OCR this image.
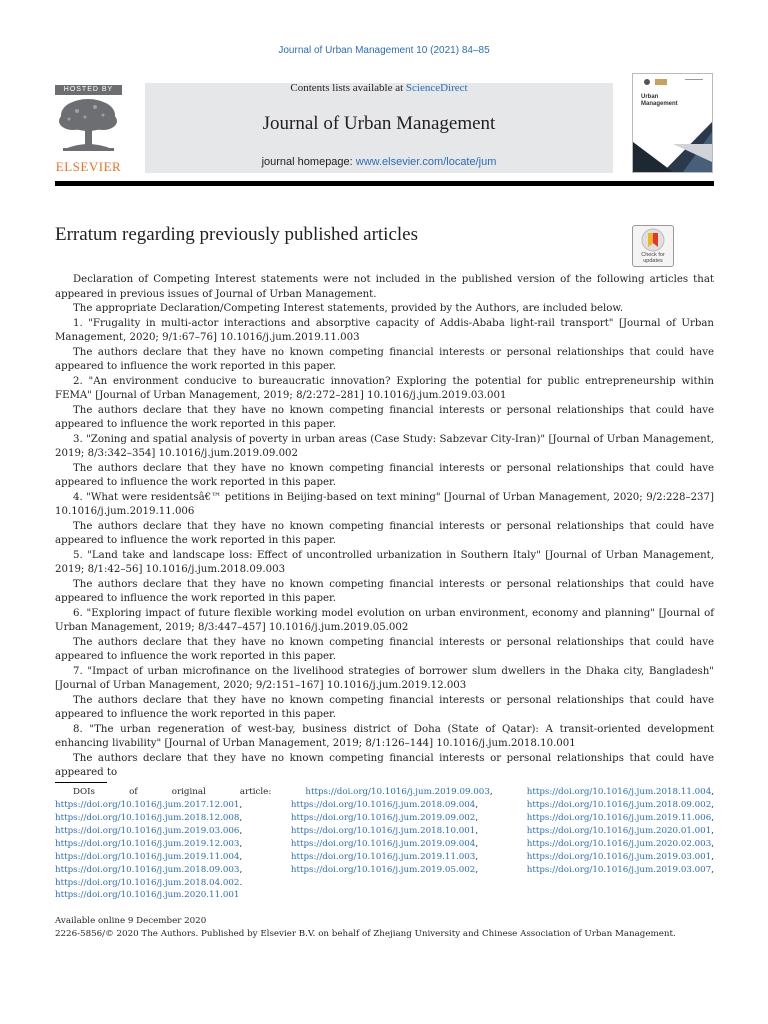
Journal of Urban Management 10 (2021) 84–85
HOSTED BY
ELSEVIER
Contents lists available at ScienceDirect
Journal of Urban Management
journal homepage: www.elsevier.com/locate/jum
Urban Management
Erratum regarding previously published articles
Check for updates

Declaration of Competing Interest statements were not included in the published version of the following articles that appeared in previous issues of Journal of Urban Management.

The appropriate Declaration/Competing Interest statements, provided by the Authors, are included below.

1. "Frugality in multi-actor interactions and absorptive capacity of Addis-Ababa light-rail transport" [Journal of Urban Management, 2020; 9/1:67–76] 10.1016/j.jum.2019.11.003

The authors declare that they have no known competing financial interests or personal relationships that could have appeared to influence the work reported in this paper.

2. "An environment conducive to bureaucratic innovation? Exploring the potential for public entrepreneurship within FEMA" [Journal of Urban Management, 2019; 8/2:272–281] 10.1016/j.jum.2019.03.001

The authors declare that they have no known competing financial interests or personal relationships that could have appeared to influence the work reported in this paper.

3. "Zoning and spatial analysis of poverty in urban areas (Case Study: Sabzevar City-Iran)" [Journal of Urban Management, 2019; 8/3:342–354] 10.1016/j.jum.2019.09.002

The authors declare that they have no known competing financial interests or personal relationships that could have appeared to influence the work reported in this paper.

4. "What were residentsâ€™ petitions in Beijing-based on text mining" [Journal of Urban Management, 2020; 9/2:228–237] 10.1016/j.jum.2019.11.006

The authors declare that they have no known competing financial interests or personal relationships that could have appeared to influence the work reported in this paper.

5. "Land take and landscape loss: Effect of uncontrolled urbanization in Southern Italy" [Journal of Urban Management, 2019; 8/1:42–56] 10.1016/j.jum.2018.09.003

The authors declare that they have no known competing financial interests or personal relationships that could have appeared to influence the work reported in this paper.

6. "Exploring impact of future flexible working model evolution on urban environment, economy and planning" [Journal of Urban Management, 2019; 8/3:447–457] 10.1016/j.jum.2019.05.002

The authors declare that they have no known competing financial interests or personal relationships that could have appeared to influence the work reported in this paper.

7. "Impact of urban microfinance on the livelihood strategies of borrower slum dwellers in the Dhaka city, Bangladesh" [Journal of Urban Management, 2020; 9/2:151–167] 10.1016/j.jum.2019.12.003

The authors declare that they have no known competing financial interests or personal relationships that could have appeared to influence the work reported in this paper.

8. "The urban regeneration of west-bay, business district of Doha (State of Qatar): A transit-oriented development enhancing livability" [Journal of Urban Management, 2019; 8/1:126–144] 10.1016/j.jum.2018.10.001

The authors declare that they have no known competing financial interests or personal relationships that could have appeared to

DOIs of original article: https://doi.org/10.1016/j.jum.2019.09.003, https://doi.org/10.1016/j.jum.2018.11.004, https://doi.org/10.1016/j.jum.2017.12.001, https://doi.org/10.1016/j.jum.2018.09.004, https://doi.org/10.1016/j.jum.2018.09.002, https://doi.org/10.1016/j.jum.2018.12.008, https://doi.org/10.1016/j.jum.2019.09.002, https://doi.org/10.1016/j.jum.2019.11.006, https://doi.org/10.1016/j.jum.2019.03.006, https://doi.org/10.1016/j.jum.2018.10.001, https://doi.org/10.1016/j.jum.2020.01.001, https://doi.org/10.1016/j.jum.2019.12.003, https://doi.org/10.1016/j.jum.2019.09.004, https://doi.org/10.1016/j.jum.2020.02.003, https://doi.org/10.1016/j.jum.2019.11.004, https://doi.org/10.1016/j.jum.2019.11.003, https://doi.org/10.1016/j.jum.2019.03.001, https://doi.org/10.1016/j.jum.2018.09.003, https://doi.org/10.1016/j.jum.2019.05.002, https://doi.org/10.1016/j.jum.2019.03.007, https://doi.org/10.1016/j.jum.2018.04.002.
https://doi.org/10.1016/j.jum.2020.11.001
Available online 9 December 2020
2226-5856/© 2020 The Authors. Published by Elsevier B.V. on behalf of Zhejiang University and Chinese Association of Urban Management.
